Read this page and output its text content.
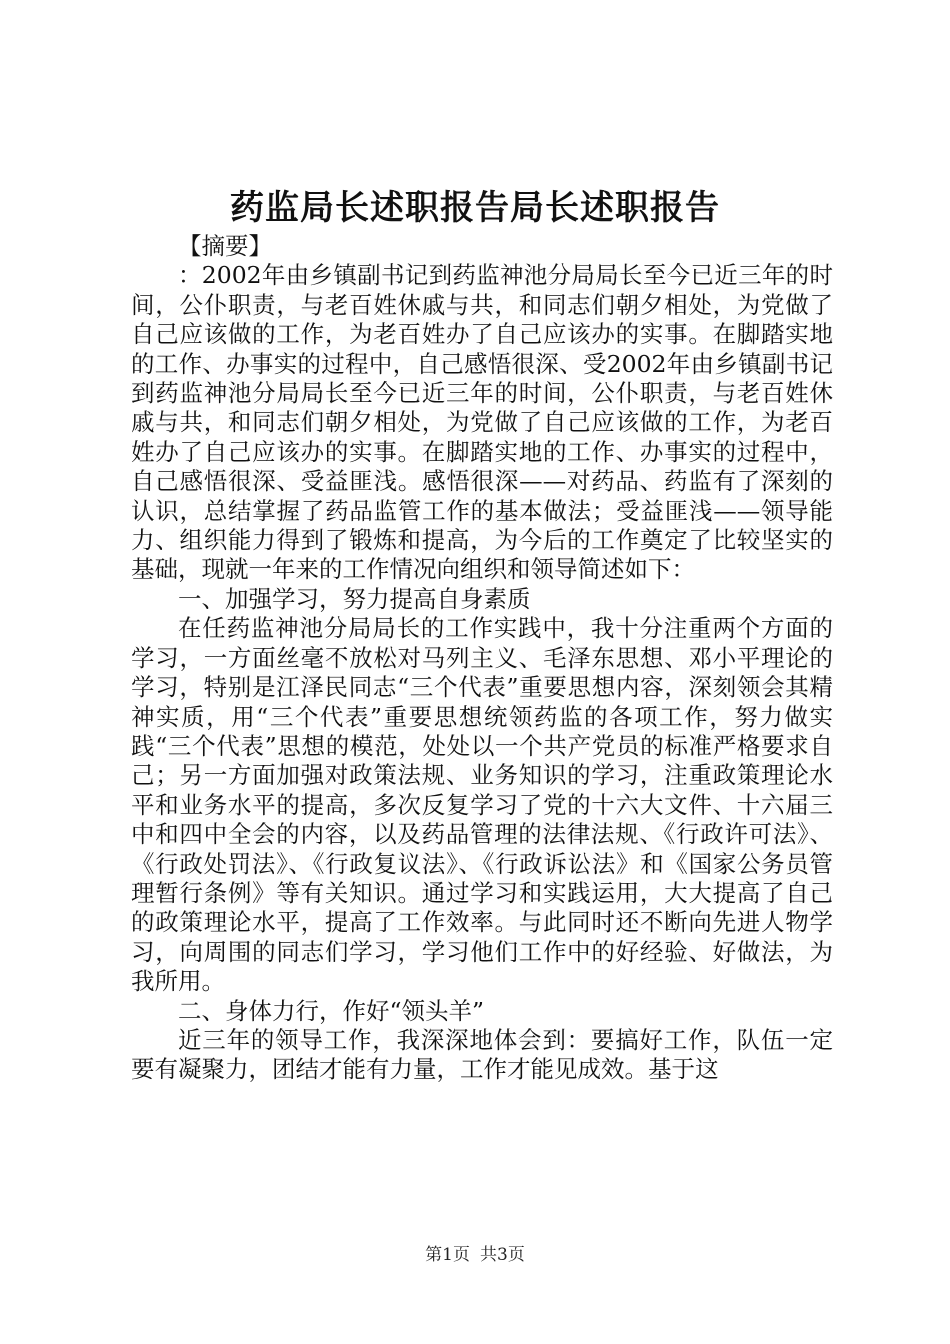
药监局长述职报告局长述职报告

【摘要】

：2002年由乡镇副书记到药监神池分局局长至今已近三年的时间，公仆职责，与老百姓休戚与共，和同志们朝夕相处，为党做了自己应该做的工作，为老百姓办了自己应该办的实事。在脚踏实地的工作、办事实的过程中，自己感悟很深、受2002年由乡镇副书记到药监神池分局局长至今已近三年的时间，公仆职责，与老百姓休戚与共，和同志们朝夕相处，为党做了自己应该做的工作，为老百姓办了自己应该办的实事。在脚踏实地的工作、办事实的过程中，自己感悟很深、受益匪浅。感悟很深——对药品、药监有了深刻的认识，总结掌握了药品监管工作的基本做法；受益匪浅——领导能力、组织能力得到了锻炼和提高，为今后的工作奠定了比较坚实的基础，现就一年来的工作情况向组织和领导简述如下：

一、加强学习，努力提高自身素质

在任药监神池分局局长的工作实践中，我十分注重两个方面的学习，一方面丝毫不放松对马列主义、毛泽东思想、邓小平理论的学习，特别是江泽民同志“三个代表”重要思想内容，深刻领会其精神实质，用“三个代表”重要思想统领药监的各项工作，努力做实践“三个代表”思想的模范，处处以一个共产党员的标准严格要求自己；另一方面加强对政策法规、业务知识的学习，注重政策理论水平和业务水平的提高，多次反复学习了党的十六大文件、十六届三中和四中全会的内容，以及药品管理的法律法规、《行政许可法》、《行政处罚法》、《行政复议法》、《行政诉讼法》和《国家公务员管理暂行条例》等有关知识。通过学习和实践运用，大大提高了自己的政策理论水平，提高了工作效率。与此同时还不断向先进人物学习，向周围的同志们学习，学习他们工作中的好经验、好做法，为我所用。

二、身体力行，作好“领头羊”

近三年的领导工作，我深深地体会到：要搞好工作，队伍一定要有凝聚力，团结才能有力量，工作才能见成效。基于这

第1页 共3页
